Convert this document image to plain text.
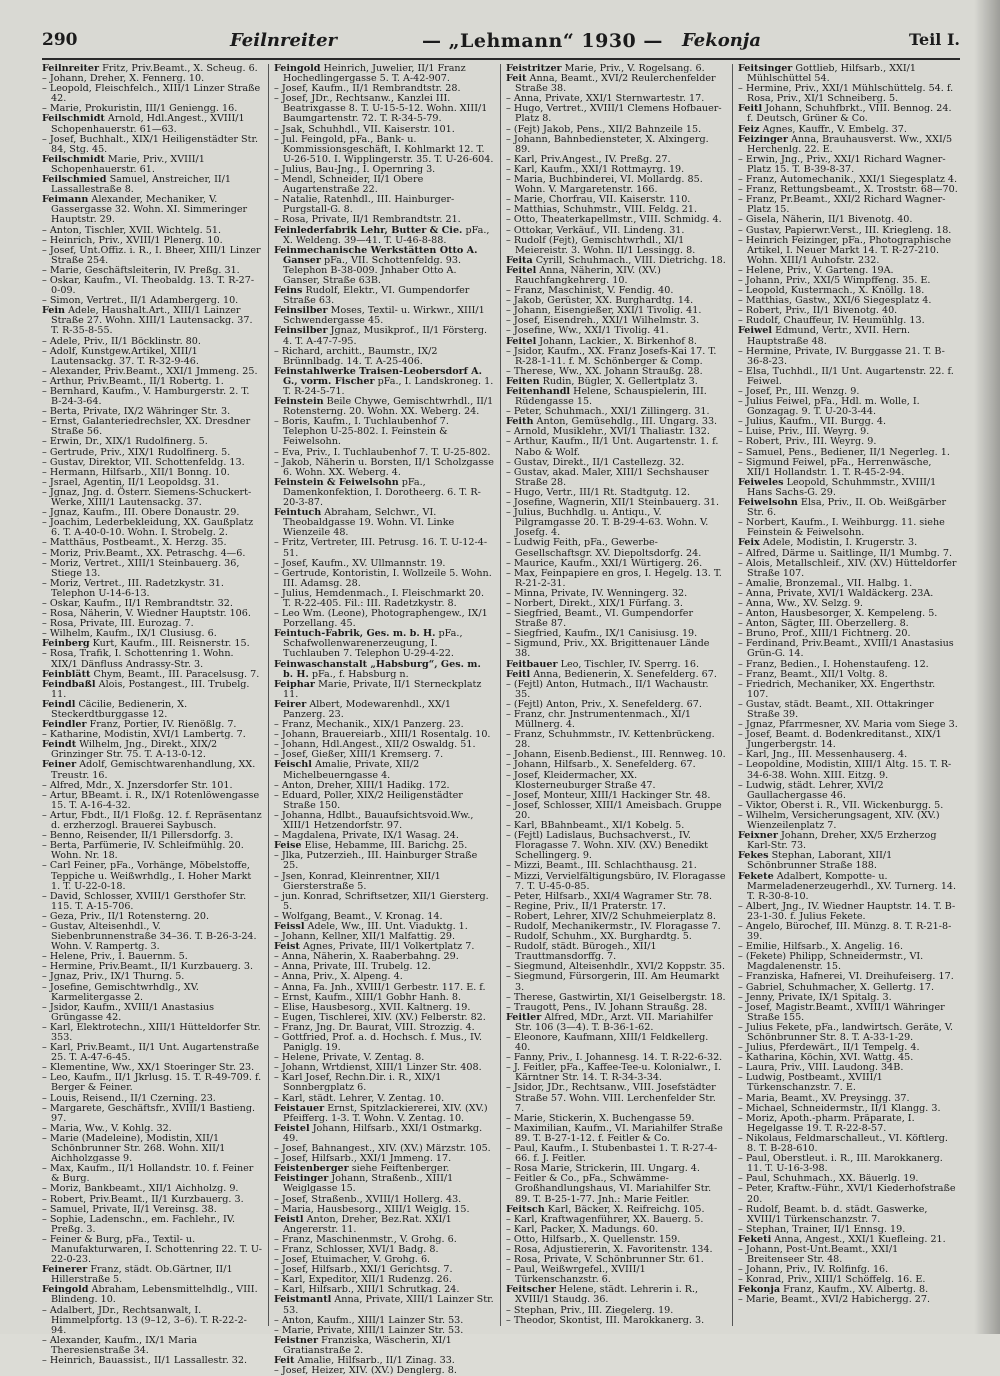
290	Feilnreiter	— „Lehmann“ 1930 — Fekonja	Teil I.

Feilnreiter Fritz, Priv.Beamt., X. Scheug. 6.

– Johann, Dreher, X. Fennerg. 10.

– Leopold, Fleischfelch., XIII/1 Linzer Straße 42.

– Marie, Prokuristin, III/1 Geniengg. 16.

Feilschmidt Arnold, Hdl.Angest., XVIII/1 Schopenhauerstr. 61—63.

– Josef, Buchhalt., XIX/1 Heiligenstädter Str. 84, Stg. 45.

Feilschmidt Marie, Priv., XVIII/1 Schopenhauerstr. 61.

Feilschmied Samuel, Anstreicher, II/1 Lassallestraße 8.

Feimann Alexander, Mechaniker, V. Gassergasse 32. Wohn. XI. Simmeringer Hauptstr. 29.

– Anton, Tischler, XVII. Wichtelg. 51.

– Heinrich, Priv., XVIII/1 Plenerg. 10.

– Josef, Unt.Offiz. i. R., I. Bheer, XIII/1 Linzer Straße 254.

– Marie, Geschäftsleiterin, IV. Preßg. 31.

– Oskar, Kaufm., VI. Theobaldg. 13. T. R-27-0-09.

– Simon, Vertret., II/1 Adambergerg. 10.

Fein Adele, Haushalt.Art., XIII/1 Lainzer Straße 27. Wohn. XIII/1 Lautensackg. 37. T. R-35-8-55.

– Adele, Priv., II/1 Böcklinstr. 80.

– Adolf, Kunstgew.Artikel, XIII/1 Lautensackg. 37. T. R-32-9-46.

– Alexander, Priv.Beamt., XXI/1 Jmmeng. 25.

– Arthur, Priv.Beamt., II/1 Robertg. 1.

– Bernhard, Kaufm., V. Hamburgerstr. 2. T. B-24-3-64.

– Berta, Private, IX/2 Währinger Str. 3.

– Ernst, Galanteriedrechsler, XX. Dresdner Straße 56.

– Erwin, Dr., XIX/1 Rudolfinerg. 5.

– Gertrude, Priv., XIX/1 Rudolfinerg. 5.

– Gustav, Direktor, VII. Schottenfeldg. 13.

– Hermann, Hilfsarb., XII/1 Bonng. 10.

– Jsrael, Agentin, II/1 Leopoldsg. 31.

– Jgnaz, Jng. d. Österr. Siemens-Schuckert-Werke, XIII/1 Lautensackg. 37.

– Jgnaz, Kaufm., III. Obere Donaustr. 29.

– Joachim, Lederbekleidung, XX. Gaußplatz 6. T. A-40-0-10. Wohn. I. Strobelg. 2.

– Matthäus, Postbeamt., X. Herzg. 35.

– Moriz, Priv.Beamt., XX. Petraschg. 4—6.

– Moriz, Vertret., XIII/1 Steinbauerg. 36, Stiege 13.

– Moriz, Vertret., III. Radetzkystr. 31. Telephon U-14-6-13.

– Oskar, Kaufm., II/1 Rembrandtstr. 32.

– Rosa, Näherin, V. Wiedner Hauptstr. 106.

– Rosa, Private, III. Eurozag. 7.

– Wilhelm, Kaufm., IX/1 Clusiusg. 6.

Feinberg Kurt, Kaufm., III. Reisnerstr. 15.

– Rosa, Trafik, I. Schottenring 1. Wohn. XIX/1 Dänfluss Andrassy-Str. 3.

Feinblätt Chym, Beamt., III. Paracelsusg. 7.

Feindbaßl Alois, Postangest., III. Trubelg. 11.

Feindl Cäcilie, Bedienerin, X. Steckerdtburggasse 12.

Feindler Franz, Portier, IV. Rienößlg. 7.

– Katharine, Modistin, XVI/1 Lambertg. 7.

Feindt Wilhelm, Jng., Direkt., XIX/2 Grinzinger Str. 75. T. A-13-0-12.

Feiner Adolf, Gemischtwarenhandlung, XX. Treustr. 16.

– Alfred, Mdr., X. Jnzersdorfer Str. 101.

– Artur, BBeamt. i. R., IX/1 Rotenlöwengasse 15. T. A-16-4-32.

– Artur, Fbdt., II/1 Floßg. 12. f. Repräsentanz d. erzherzogl. Brauerei Saybusch.

– Benno, Reisender, II/1 Pillersdorfg. 3.

– Berta, Parfümerie, IV. Schleifmühlg. 20. Wohn. Nr. 18.

– Carl Feiner, pFa., Vorhänge, Möbelstoffe, Teppiche u. Weißwrhdlg., I. Hoher Markt 1. T. U-22-0-18.

– David, Schlosser, XVIII/1 Gersthofer Str. 115. T. A-15-706.

– Geza, Priv., II/1 Rotensterng. 20.

– Gustav, Alteisenhdl., V. Siebenbrunnenstraße 34–36. T. B-26-3-24. Wohn. V. Rampertg. 3.

– Helene, Priv., I. Bauernm. 5.

– Hermine, Priv.Beamt., II/1 Kurzbauerg. 3.

– Jgnaz, Priv., IX/1 Thurng. 5.

– Josefine, Gemischtwrhdlg., XV. Karmelitergasse 2.

– Jsidor, Kaufm., XVIII/1 Anastasius Grüngasse 42.

– Karl, Elektrotechn., XIII/1 Hütteldorfer Str. 353.

– Karl, Priv.Beamt., II/1 Unt. Augartenstraße 25. T. A-47-6-45.

– Klementine, Ww., XX/1 Stoeringer Str. 23.

– Leo, Kaufm., II/1 Jkrlusg. 15. T. R-49-709. f. Berger & Feiner.

– Louis, Reisend., II/1 Czerning. 23.

– Margarete, Geschäftsfr., XVIII/1 Bastieng. 97.

– Maria, Ww., V. Kohlg. 32.

– Marie (Madeleine), Modistin, XII/1 Schönbrunner Str. 268. Wohn. XII/1 Aichholzgasse 9.

– Max, Kaufm., II/1 Hollandstr. 10. f. Feiner & Burg.

– Moriz, Bankbeamt., XII/1 Aichholzg. 9.

– Robert, Priv.Beamt., II/1 Kurzbauerg. 3.

– Samuel, Private, II/1 Vereinsg. 38.

– Sophie, Ladenschn., em. Fachlehr., IV. Preßg. 3.

– Feiner & Burg, pFa., Textil- u. Manufakturwaren, I. Schottenring 22. T. U-22-0-23.

Feinerer Franz, städt. Ob.Gärtner, II/1 Hillerstraße 5.

Feingold Abraham, Lebensmittelhdlg., VIII. Blindeng. 10.

– Adalbert, JDr., Rechtsanwalt, I. Himmelpfortg. 13 (9–12, 3–6). T. R-22-2-94.

– Alexander, Kaufm., IX/1 Maria Theresienstraße 34.

– Heinrich, Bauassist., II/1 Lassallestr. 32.

Feingold Heinrich, Juwelier, II/1 Franz Hochedlingergasse 5. T. A-42-907.

– Josef, Kaufm., II/1 Rembrandtstr. 28.

– Josef, JDr., Rechtsanw., Kanzlei III. Beatrixgasse 8. T. U-15-5-12. Wohn. XIII/1 Baumgartenstr. 72. T. R-34-5-79.

– Jsak, Schuhhdl., VII. Kaiserstr. 101.

– Jul. Feingold, pFa., Bank- u. Kommissionsgeschäft, I. Kohlmarkt 12. T. U-26-510. I. Wipplingerstr. 35. T. U-26-604.

– Julius, Bau-Jng., I. Opernring 3.

– Mendl, Schneider, II/1 Obere Augartenstraße 22.

– Natalie, Ratenhdl., III. Hainburger-Purgstall-G. 8.

– Rosa, Private, II/1 Rembrandtstr. 21.

Feinlederfabrik Lehr, Butter & Cie. pFa., X. Weldeng. 39—41. T. U-46-8-88.

Feinmechanische Werkstätten Otto A. Ganser pFa., VII. Schottenfeldg. 93. Telephon B-38-009. Jnhaber Otto A. Ganser, Straße 63B.

Feins Rudolf, Elektr., VI. Gumpendorfer Straße 63.

Feinsilber Moses, Textil- u. Wirkwr., XIII/1 Schwendergasse 45.

Feinsilber Jgnaz, Musikprof., II/1 Försterg. 4. T. A-47-7-95.

– Richard, architt., Baumstr., IX/2 Brünnlbadg. 14. T. A-25-406.

Feinstahlwerke Traisen-Leobersdorf A. G., vorm. Fischer pFa., I. Landskroneg. 1. T. R-24-5-71.

Feinstein Beile Chywe, Gemischtwrhdl., II/1 Rotensterng. 20. Wohn. XX. Weberg. 24.

– Boris, Kaufm., I. Tuchlaubenhof 7. Telephon U-25-802. I. Feinstein & Feiwelsohn.

– Eva, Priv., I. Tuchlaubenhof 7. T. U-25-802.

– Jakob, Näherin u. Borsten, II/1 Scholzgasse 6. Wohn. XX. Weberg. 4.

Feinstein & Feiwelsohn pFa., Damenkonfektion, I. Dorotheerg. 6. T. R-20-3-87.

Feintuch Abraham, Selchwr., VI. Theobaldgasse 19. Wohn. VI. Linke Wienzeile 48.

– Fritz, Vertreter, III. Petrusg. 16. T. U-12-4-51.

– Josef, Kaufm., XV. Ullmannstr. 19.

– Gertrude, Kontoristin, I. Wollzeile 5. Wohn. III. Adamsg. 28.

– Julius, Hemdenmach., I. Fleischmarkt 20. T. R-22-405. Fil.: III. Radetzkystr. 8.

– Leo Wm. (Leone), Photographengew., IX/1 Porzellang. 45.

Feintuch-Fabrik, Ges. m. b. H. pFa., Schafwollenwarenerzeugung, I. Tuchlauben 7. Telephon U-29-4-22.

Feinwaschanstalt „Habsburg“, Ges. m. b. H. pFa., f. Habsburg n.

Feiphar Marie, Private, II/1 Sterneckplatz 11.

Feirer Albert, Modewarenhdl., XX/1 Panzerg. 23.

– Franz, Mechanik., XIX/1 Panzerg. 23.

– Johann, Brauereiarb., XIII/1 Rosentalg. 10.

– Johann, Hdl.Angest., XII/2 Oswaldg. 51.

– Josef, Gießer, XIII/1 Kremserg. 7.

Feischl Amalie, Private, XII/2 Michelbeuerngasse 4.

– Anton, Dreher, XIII/1 Hadikg. 172.

– Eduard, Poller, XIX/2 Heiligenstädter Straße 150.

– Johanna, Hdlbt., Bauaufsichtsvoid.Ww., XIII/1 Hetzendorfstr. 97.

– Magdalena, Private, IX/1 Wasag. 24.

Feise Elise, Hebamme, III. Barichg. 25.

– Jlka, Putzerzieh., III. Hainburger Straße 25.

– Jsen, Konrad, Kleinrentner, XII/1 Giersterstraße 5.

– jun. Konrad, Schriftsetzer, XII/1 Giersterg. 5.

– Wolfgang, Beamt., V. Kronag. 14.

Feissl Adele, Ww., III. Unt. Viaduktg. 1.

– Johann, Kellner, XII/1 Malfattig. 29.

Feist Agnes, Private, III/1 Volkertplatz 7.

– Anna, Näherin, X. Raaberbahng. 29.

– Anna, Private, III. Trubelg. 12.

– Anna, Priv., X. Alpeng. 4.

– Anna, Fa. Jnh., XVIII/1 Gerbestr. 117. E. f.

– Ernst, Kaufm., XIII/1 Gobhr Hanh. 8.

– Elise, Hausbesorg., XVII. Kaltnerg. 19.

– Eugen, Tischlerei, XIV. (XV.) Felberstr. 82.

– Franz, Jng. Dr. Baurat, VIII. Strozzig. 4.

– Gottfried, Prof. a. d. Hochsch. f. Mus., IV. Paniglg. 19.

– Helene, Private, V. Zentag. 8.

– Johann, Wrtdienst, XIII/1 Linzer Str. 408.

– Karl Josef, Rechn.Dir. i. R., XIX/1 Sonnbergplatz 6.

– Karl, städt. Lehrer, V. Zentag. 10.

Feistauer Ernst, Spitzlackiererei, XIV. (XV.) Pfeifferg. 1-3. T. Wohn. V. Zentag. 10.

Feistel Johann, Hilfsarb., XXI/1 Ostmarkg. 49.

– Josef, Bahnangest., XIV. (XV.) Märzstr. 105.

– Josef, Hilfsarb., XXI/1 Jmmeng. 17.

Feistenberger siehe Feiftenberger.

Feistinger Johann, Straßenb., XIII/1 Weiglgasse 15.

– Josef, Straßenb., XVIII/1 Hollerg. 43.

– Maria, Hausbesorg., XIII/1 Weiglg. 15.

Feistl Anton, Dreher, Bez.Rat. XXI/1 Angererstr. 11.

– Franz, Maschinenmstr., V. Grohg. 6.

– Franz, Schlosser, XVI/1 Badg. 8.

– Josef, Etuimacher, V. Grohg. 6.

– Josef, Hilfsarb., XXI/1 Gerichtsg. 7.

– Karl, Expeditor, XII/1 Rudenzg. 26.

– Karl, Hilfsarb., XIII/1 Schrutkag. 24.

Feistmantl Anna, Private, XIII/1 Lainzer Str. 53.

– Anton, Kaufm., XIII/1 Lainzer Str. 53.

– Marie, Private, XIII/1 Lainzer Str. 53.

Feistner Franziska, Wäscherin, XI/1 Gratianstraße 2.

Feit Amalie, Hilfsarb., II/1 Zinag. 33.

– Josef, Heizer, XIV. (XV.) Denglerg. 8.

Feistritzer Marie, Priv., V. Rogelsang. 6.

Feit Anna, Beamt., XVI/2 Reulerchenfelder Straße 38.

– Anna, Private, XXI/1 Sternwartestr. 17.

– Hugo, Vertret., XVIII/1 Clemens Hofbauer-Platz 8.

– (Fejt) Jakob, Pens., XII/2 Bahnzeile 15.

– Johann, Bahnbediensteter, X. Alxingerg. 89.

– Karl, Priv.Angest., IV. Preßg. 27.

– Karl, Kaufm., XXI/1 Rottmayrg. 19.

– Maria, Buchbinderei, VI. Mollardg. 85. Wohn. V. Margaretenstr. 166.

– Marie, Chorfrau, VII. Kaiserstr. 110.

– Matthias, Schuhmstr., VIII. Feldg. 21.

– Otto, Theaterkapellmstr., VIII. Schmidg. 4.

– Ottokar, Verkäuf., VII. Lindeng. 31.

– Rudolf (Fejt), Gemischtwrhdl., XI/1 Meiereistr. 3. Wohn. II/1 Lessingg. 8.

Feita Cyrill, Schuhmach., VIII. Dietrichg. 18.

Feitel Anna, Näherin, XIV. (XV.) Rauchfangkehrerg. 10.

– Franz, Maschinist, V. Fendig. 40.

– Jakob, Gerüster, XX. Burghardtg. 14.

– Johann, Eisengießer, XXI/1 Tivolig. 41.

– Josef, Eisendreh., XXI/1 Wilhelmstr. 3.

– Josefine, Ww., XXI/1 Tivolig. 41.

Feitel Johann, Lackier., X. Birkenhof 8.

– Jsidor, Kaufm., XX. Franz Josefs-Kai 17. T. R-28-1-11. f. M. Schönberger & Comp.

– Therese, Ww., XX. Johann Straußg. 28.

Feiten Rudin, Bügler, X. Gellertplatz 3.

Feitenhandl Helene, Schauspielerin, III. Rüdengasse 15.

– Peter, Schuhmach., XXI/1 Zillingerg. 31.

Feith Anton, Gemüsehdlg., III. Ungarg. 33.

– Arnold, Musiklehr., XVI/1 Thaliastr. 132.

– Arthur, Kaufm., II/1 Unt. Augartenstr. 1. f. Nabo & Wolf.

– Gustav, Direkt., II/1 Castellezg. 32.

– Gustav, akad. Maler, XIII/1 Sechshauser Straße 28.

– Hugo, Vertr., III/1 Rt. Stadtgutg. 12.

– Josefine, Wagnerin, XII/1 Steinbauerg. 31.

– Julius, Buchhdlg. u. Antiqu., V. Pilgramgasse 20. T. B-29-4-63. Wohn. V. Josefg. 4.

– Ludwig Feith, pFa., Gewerbe-Gesellschaftsgr. XV. Diepoltsdorfg. 24.

– Maurice, Kaufm., XXI/1 Würtigerg. 26.

– Max, Feinpapiere en gros, I. Hegelg. 13. T. R-21-2-31.

– Minna, Private, IV. Wenningerg. 32.

– Norbert, Direkt., XIX/1 Fürfang. 3.

– Siegfried, Beamt., VI. Gumpendorfer Straße 87.

– Siegfried, Kaufm., IX/1 Canisiusg. 19.

– Sigmund, Priv., XX. Brigittenauer Lände 38.

Feitbauer Leo, Tischler, IV. Sperrg. 16.

Feitl Anna, Bedienerin, X. Senefelderg. 67.

– (Fejtl) Anton, Hutmach., II/1 Wachaustr. 35.

– (Fejtl) Anton, Priv., X. Senefelderg. 67.

– Franz, chr. Jnstrumentenmach., XI/1 Müllnerg. 4.

– Franz, Schuhmmstr., IV. Kettenbrückeng. 28.

– Johann, Eisenb.Bedienst., III. Rennweg. 10.

– Johann, Hilfsarb., X. Senefelderg. 67.

– Josef, Kleidermacher, XX. Klosterneuburger Straße 47.

– Josef, Monteur, XIII/1 Hackinger Str. 48.

– Josef, Schlosser, XIII/1 Ameisbach. Gruppe 20.

– Karl, BBahnbeamt., XI/1 Kobelg. 5.

– (Fejtl) Ladislaus, Buchsachverst., IV. Floragasse 7. Wohn. XIV. (XV.) Benedikt Schellingerg. 9.

– Mizzi, Beamt., III. Schlachthausg. 21.

– Mizzi, Vervielfältigungsbüro, IV. Floragasse 7. T. U-45-0-85.

– Peter, Hilfsarb., XXI/4 Wagramer Str. 78.

– Regine, Priv., II/1 Praterstr. 17.

– Robert, Lehrer, XIV/2 Schuhmeierplatz 8.

– Rudolf, Mechanikermstr., IV. Floragasse 7.

– Rudolf, Schuhm., XX. Burghardtg. 5.

– Rudolf, städt. Bürogeh., XII/1 Trauttmansdorffg. 7.

– Siegmund, Alteisenhdlr., XVI/2 Koppstr. 35.

– Siegmund, Fürsorgerin, III. Am Heumarkt 3.

– Therese, Gastwirtin, XI/1 Geiselbergstr. 18.

– Traugott, Pens., IV. Johann Straußg. 28.

Feitler Alfred, MDr., Arzt. VII. Mariahilfer Str. 106 (3—4). T. B-36-1-62.

– Eleonore, Kaufmann, XIII/1 Feldkellerg. 40.

– Fanny, Priv., I. Johannesg. 14. T. R-22-6-32.

– J. Feitler, pFa., Kaffee-Tee-u. Kolonialwr., I. Kärntner Str. 14. T. R-34-3-34.

– Jsidor, JDr., Rechtsanw., VIII. Josefstädter Straße 57. Wohn. VIII. Lerchenfelder Str. 7.

– Marie, Stickerin, X. Buchengasse 59.

– Maximilian, Kaufm., VI. Mariahilfer Straße 89. T. B-27-1-12. f. Feitler & Co.

– Paul, Kaufm., I. Stubenbastei 1. T. R-27-4-66. f. J. Feitler.

– Rosa Marie, Strickerin, III. Ungarg. 4.

– Feitler & Co., pFa., Schwämme-Großhandlungshaus, VI. Mariahilfer Str. 89. T. B-25-1-77. Jnh.: Marie Feitler.

Feitsch Karl, Bäcker, X. Reifreichg. 105.

– Karl, Kraftwagenführer, XX. Bauerg. 5.

– Karl, Packer, X. Madungs. 60.

– Otto, Hilfsarb., X. Quellenstr. 159.

– Rosa, Adjustiererin, X. Favoritenstr. 134.

– Rosa, Private, V. Schönbrunner Str. 61.

– Paul, Weißwrgefel., XVIII/1 Türkenschanzstr. 6.

Feitscher Helene, städt. Lehrerin i. R., XVIII/1 Staudg. 36.

– Stephan, Priv., III. Ziegelerg. 19.

– Theodor, Skontist, III. Marokkanerg. 3.

Feitsinger Gottlieb, Hilfsarb., XXI/1 Mühlschüttel 54.

– Hermine, Priv., XXI/1 Mühlschüttelg. 54. f. Rosa, Priv., XI/1 Schneiberg. 5.

Feitl Johann, Schuhfbrkt., VIII. Bennog. 24. f. Deutsch, Grüner & Co.

Feiz Agnes, Kauffr., V. Embelg. 37.

Feizinger Anna, Brauhausverst. Ww., XXI/5 Herchenlg. 22. E.

– Erwin, Jng., Priv., XXI/1 Richard Wagner-Platz 15. T. B-39-8-37.

– Franz, Automechanik., XXI/1 Siegesplatz 4.

– Franz, Rettungsbeamt., X. Troststr. 68—70.

– Franz, Pr.Beamt., XXI/2 Richard Wagner-Platz 15.

– Gisela, Näherin, II/1 Bivenotg. 40.

– Gustav, Papierwr.Verst., III. Kriegleng. 18.

– Heinrich Feizinger, pFa., Photographische Artikel, I. Neuer Markt 14. T. R-27-210. Wohn. XIII/1 Auhofstr. 232.

– Helene, Priv., V. Garteng. 19A.

– Johann, Priv., XXI/5 Wimpffeng. 35. E.

– Leopold, Kustermach., X. Knöllg. 18.

– Matthias, Gastw., XXI/6 Siegesplatz 4.

– Robert, Priv., II/1 Bivenotg. 40.

– Rudolf, Chauffeur, IV. Heumühlg. 13.

Feiwel Edmund, Vertr., XVII. Hern. Hauptstraße 48.

– Hermine, Private, IV. Burggasse 21. T. B-36-8-23.

– Elsa, Tuchhdl., II/1 Unt. Augartenstr. 22. f. Feiwel.

– Josef, Pr., III. Wenzg. 9.

– Julius Feiwel, pFa., Hdl. m. Wolle, I. Gonzagag. 9. T. U-20-3-44.

– Julius, Kaufm., VII. Burgg. 4.

– Luise, Priv., III. Weyrg. 9.

– Robert, Priv., III. Weyrg. 9.

– Samuel, Pens., Bediener, II/1 Negerleg. 1.

– Sigmund Feiwel, pFa., Herrenwäsche, XII/1 Hollandstr. 1. T. R-45-2-94.

Feiweles Leopold, Schuhmmstr., XVIII/1 Hans Sachs-G. 29.

Feiwelsohn Elsa, Priv., II. Ob. Weißgärber Str. 6.

– Norbert, Kaufm., I. Weihburgg. 11. siehe Feinstein & Feiwelsohn.

Feix Adele, Modistin, I. Krugerstr. 3.

– Alfred, Därme u. Saitlinge, II/1 Mumbg. 7.

– Alois, Metallschleif., XIV. (XV.) Hütteldorfer Straße 107.

– Amalie, Bronzemal., VII. Halbg. 1.

– Anna, Private, XVI/1 Waldäckerg. 23A.

– Anna, Ww., XV. Selzg. 9.

– Anton, Hausbesorger, X. Kempeleng. 5.

– Anton, Sägter, III. Oberzellerg. 8.

– Bruno, Prof., XIII/1 Fichtnerg. 20.

– Ferdinand, Priv.Beamt., XVIII/1 Anastasius Grün-G. 14.

– Franz, Bedien., I. Hohenstaufeng. 12.

– Franz, Beamt., XII/1 Voltg. 8.

– Friedrich, Mechaniker, XX. Engerthstr. 107.

– Gustav, städt. Beamt., XII. Ottakringer Straße 39.

– Jgnaz, Pfarrmesner, XV. Maria vom Siege 3.

– Josef, Beamt. d. Bodenkreditanst., XIX/1 Jungerbergstr. 14.

– Karl, Jng., III. Messenhauserg. 4.

– Leopoldine, Modistin, XIII/1 Altg. 15. T. R-34-6-38. Wohn. XIII. Eitzg. 9.

– Ludwig, städt. Lehrer, XVI/2 Gaullachergasse 46.

– Viktor, Oberst i. R., VII. Wickenburgg. 5.

– Wilhelm, Versicherungsagent, XIV. (XV.) Wienzeilenplatz 7.

Feixner Johann, Dreher, XX/5 Erzherzog Karl-Str. 73.

Fekes Stephan, Laborant, XII/1 Schönbrunner Straße 188.

Fekete Adalbert, Kompotte- u. Marmeladenerzeugerhdl., XV. Turnerg. 14. T. R-30-8-10.

– Albert, Jng., IV. Wiedner Hauptstr. 14. T. B-23-1-30. f. Julius Fekete.

– Angelo, Bürochef, III. Münzg. 8. T. R-21-8-39.

– Emilie, Hilfsarb., X. Angelig. 16.

– (Fekete) Philipp, Schneidermstr., VI. Magdalenenstr. 15.

– Franziska, Hafnerei, VI. Dreihufeiserg. 17.

– Gabriel, Schuhmacher, X. Gellertg. 17.

– Jenny, Private, IX/1 Spitalg. 3.

– Josef, Magistr.Beamt., XVIII/1 Währinger Straße 155.

– Julius Fekete, pFa., landwirtsch. Geräte, V. Schönbrunner Str. 8. T. A-33-1-29.

– Julius, Pferdewärt., II/1 Tempelg. 4.

– Katharina, Köchin, XVI. Wattg. 45.

– Laura, Priv., VIII. Laudong. 34B.

– Ludwig, Postbeamt., XVIII/1 Türkenschanzstr. 7. E.

– Maria, Beamt., XV. Preysingg. 37.

– Michael, Schneidermstr., II/1 Klangg. 3.

– Moriz, Apoth.-pharm. Präparate, I. Hegelgasse 19. T. R-22-8-57.

– Nikolaus, Feldmarschalleut., VI. Köftlerg. 8. T. B-28-610.

– Paul, Oberstleut. i. R., III. Marokkanerg. 11. T. U-16-3-98.

– Paul, Schuhmach., XX. Bäuerlg. 19.

– Peter, Kraftw.-Führ., XVI/1 Kiederhofstraße 20.

– Rudolf, Beamt. b. d. städt. Gaswerke, XVIII/1 Türkenschanzstr. 7.

– Stephan, Trainer, II/1 Ennsg. 19.

Feketi Anna, Angest., XXI/1 Kuefleing. 21.

– Johann, Post-Unt.Beamt., XXI/1 Breitenseer Str. 48.

– Johann, Priv., IV. Rolfinfg. 16.

– Konrad, Priv., XIII/1 Schöffelg. 16. E.

Fekonja Franz, Kaufm., XV. Albertg. 8.

– Marie, Beamt., XVI/2 Habichergg. 27.
